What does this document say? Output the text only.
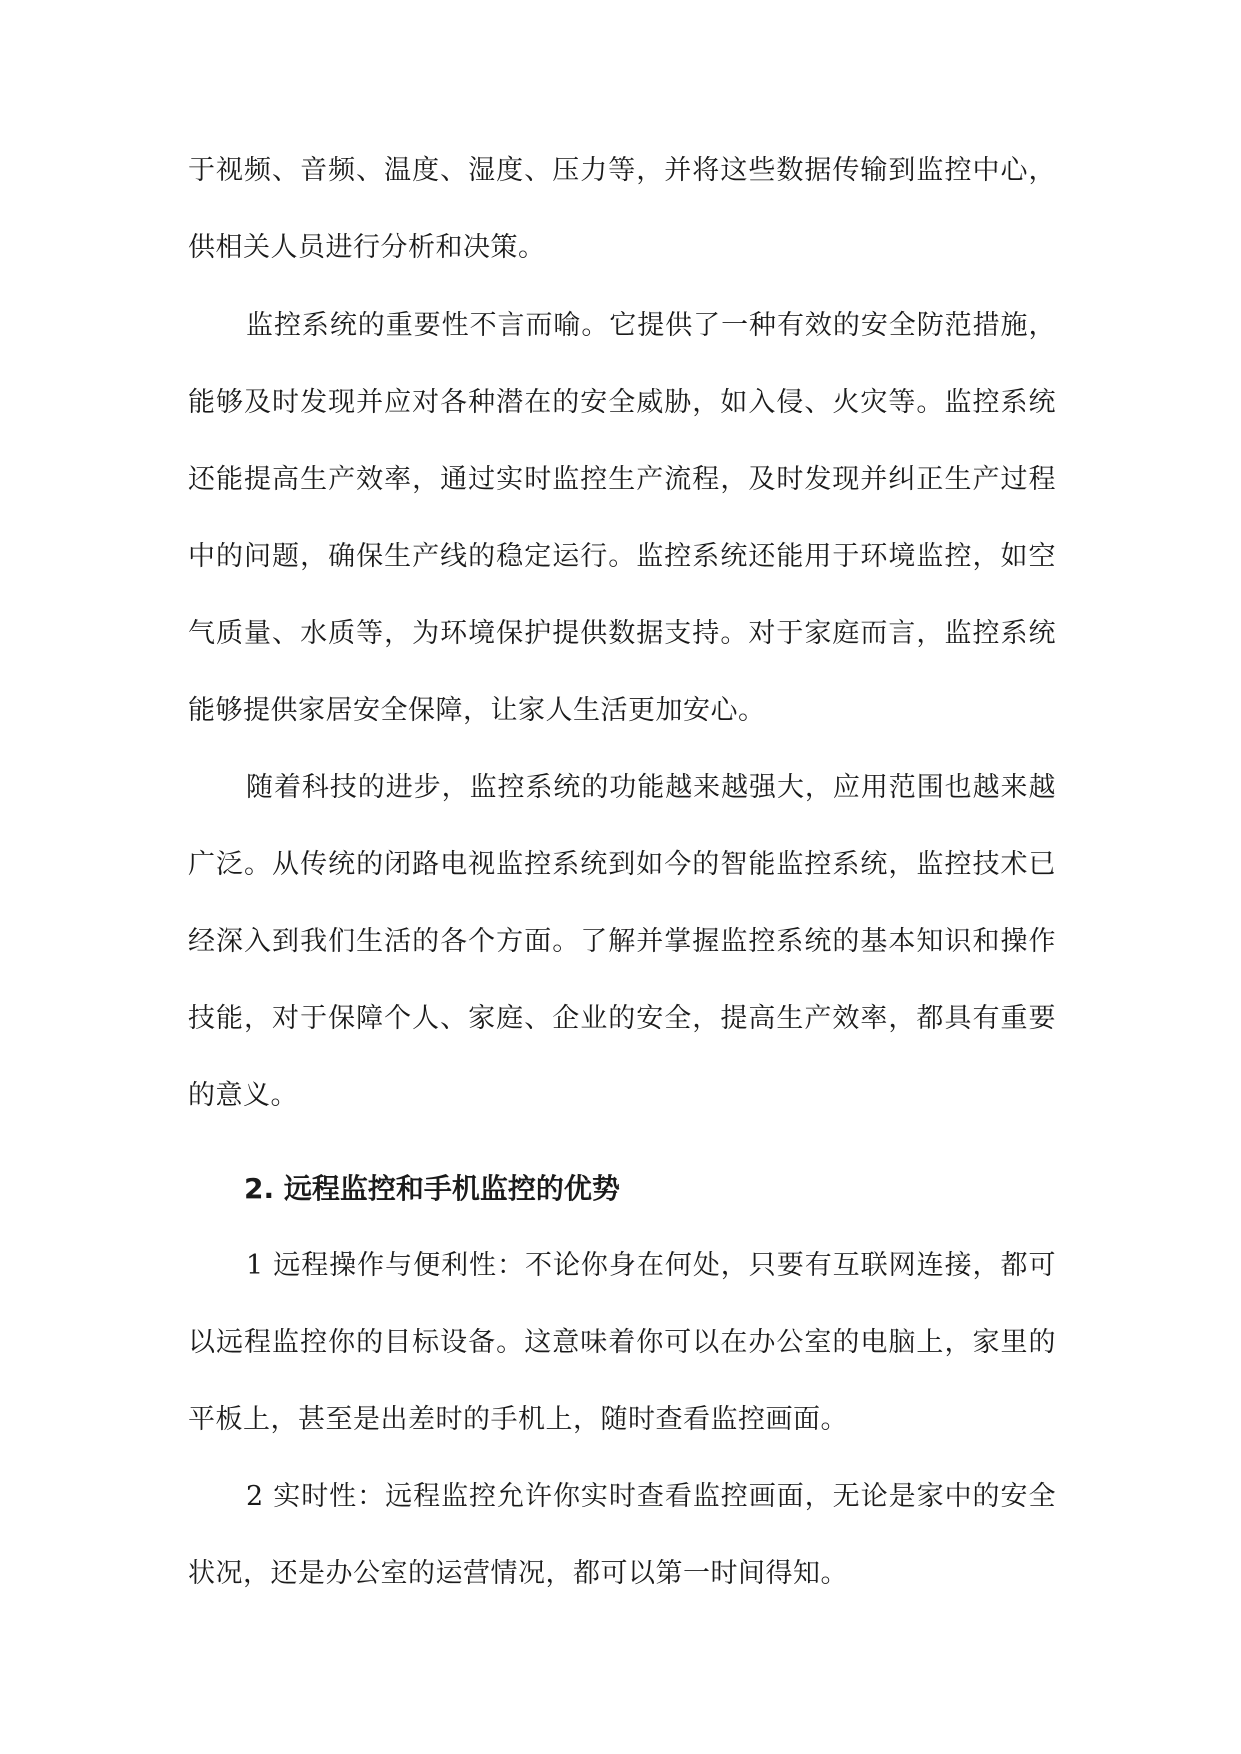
于视频、音频、温度、湿度、压力等，并将这些数据传输到监控中心，供相关人员进行分析和决策。

监控系统的重要性不言而喻。它提供了一种有效的安全防范措施，能够及时发现并应对各种潜在的安全威胁，如入侵、火灾等。监控系统还能提高生产效率，通过实时监控生产流程，及时发现并纠正生产过程中的问题，确保生产线的稳定运行。监控系统还能用于环境监控，如空气质量、水质等，为环境保护提供数据支持。对于家庭而言，监控系统能够提供家居安全保障，让家人生活更加安心。

随着科技的进步，监控系统的功能越来越强大，应用范围也越来越广泛。从传统的闭路电视监控系统到如今的智能监控系统，监控技术已经深入到我们生活的各个方面。了解并掌握监控系统的基本知识和操作技能，对于保障个人、家庭、企业的安全，提高生产效率，都具有重要的意义。

2. 远程监控和手机监控的优势

1 远程操作与便利性：不论你身在何处，只要有互联网连接，都可以远程监控你的目标设备。这意味着你可以在办公室的电脑上，家里的平板上，甚至是出差时的手机上，随时查看监控画面。

2 实时性：远程监控允许你实时查看监控画面，无论是家中的安全状况，还是办公室的运营情况，都可以第一时间得知。
